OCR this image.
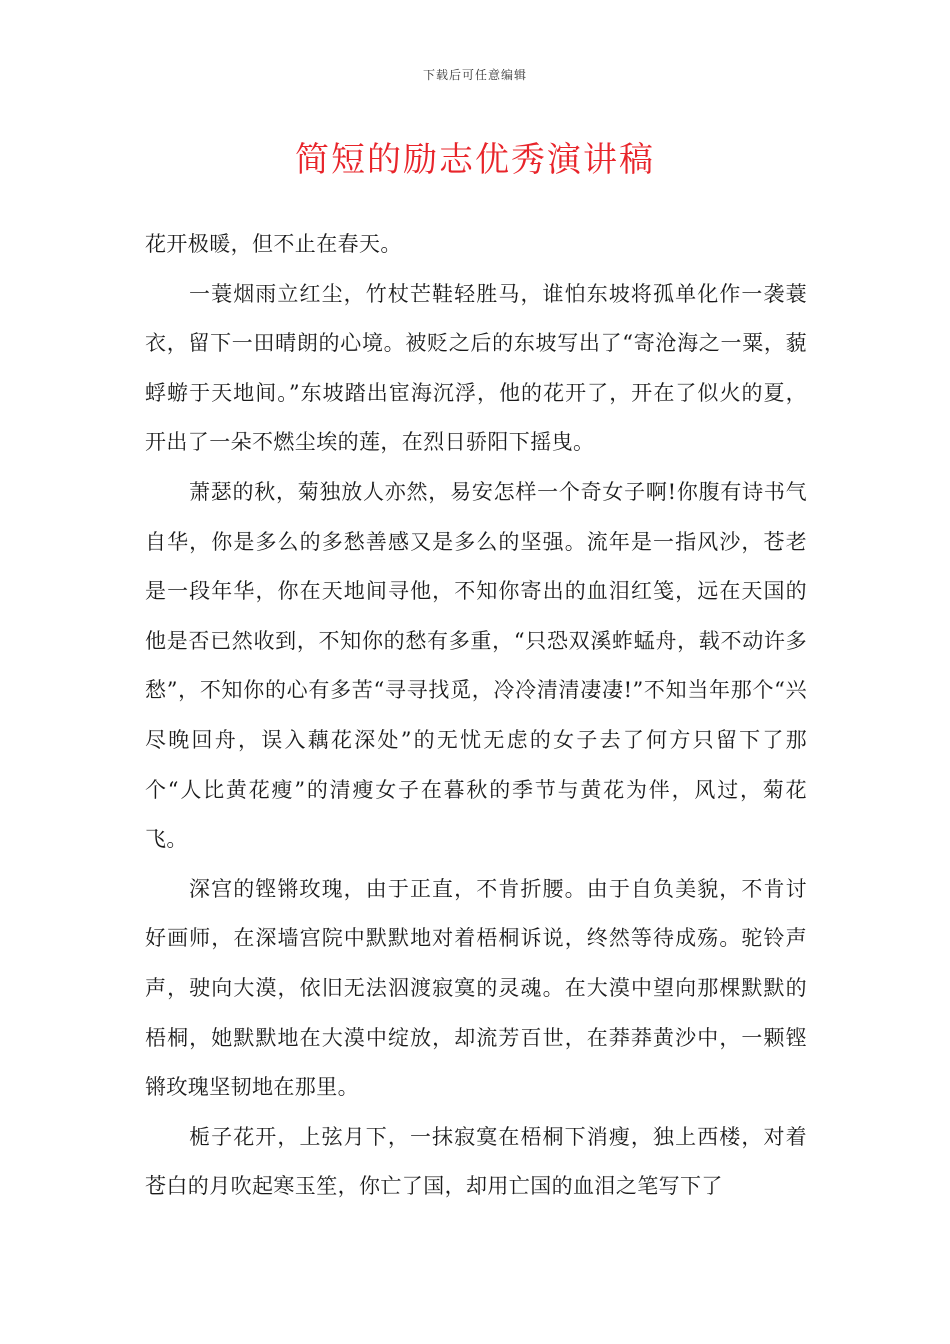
下载后可任意编辑
简短的励志优秀演讲稿

花开极暖，但不止在春天。

一蓑烟雨立红尘，竹杖芒鞋轻胜马，谁怕东坡将孤单化作一袭蓑衣，留下一田晴朗的心境。被贬之后的东坡写出了“寄沧海之一粟，藐蜉蝣于天地间。”东坡踏出宦海沉浮，他的花开了，开在了似火的夏，开出了一朵不燃尘埃的莲，在烈日骄阳下摇曳。

萧瑟的秋，菊独放人亦然，易安怎样一个奇女子啊!你腹有诗书气自华，你是多么的多愁善感又是多么的坚强。流年是一指风沙，苍老是一段年华，你在天地间寻他，不知你寄出的血泪红笺，远在天国的他是否已然收到，不知你的愁有多重，“只恐双溪蚱蜢舟，载不动许多愁”，不知你的心有多苦“寻寻找觅，冷冷清清凄凄!”不知当年那个“兴尽晚回舟，误入藕花深处”的无忧无虑的女子去了何方只留下了那个“人比黄花瘦”的清瘦女子在暮秋的季节与黄花为伴，风过，菊花飞。

深宫的铿锵玫瑰，由于正直，不肯折腰。由于自负美貌，不肯讨好画师，在深墙宫院中默默地对着梧桐诉说，终然等待成殇。驼铃声声，驶向大漠，依旧无法泅渡寂寞的灵魂。在大漠中望向那棵默默的梧桐，她默默地在大漠中绽放，却流芳百世，在莽莽黄沙中，一颗铿锵玫瑰坚韧地在那里。

栀子花开，上弦月下，一抹寂寞在梧桐下消瘦，独上西楼，对着苍白的月吹起寒玉笙，你亡了国，却用亡国的血泪之笔写下了
